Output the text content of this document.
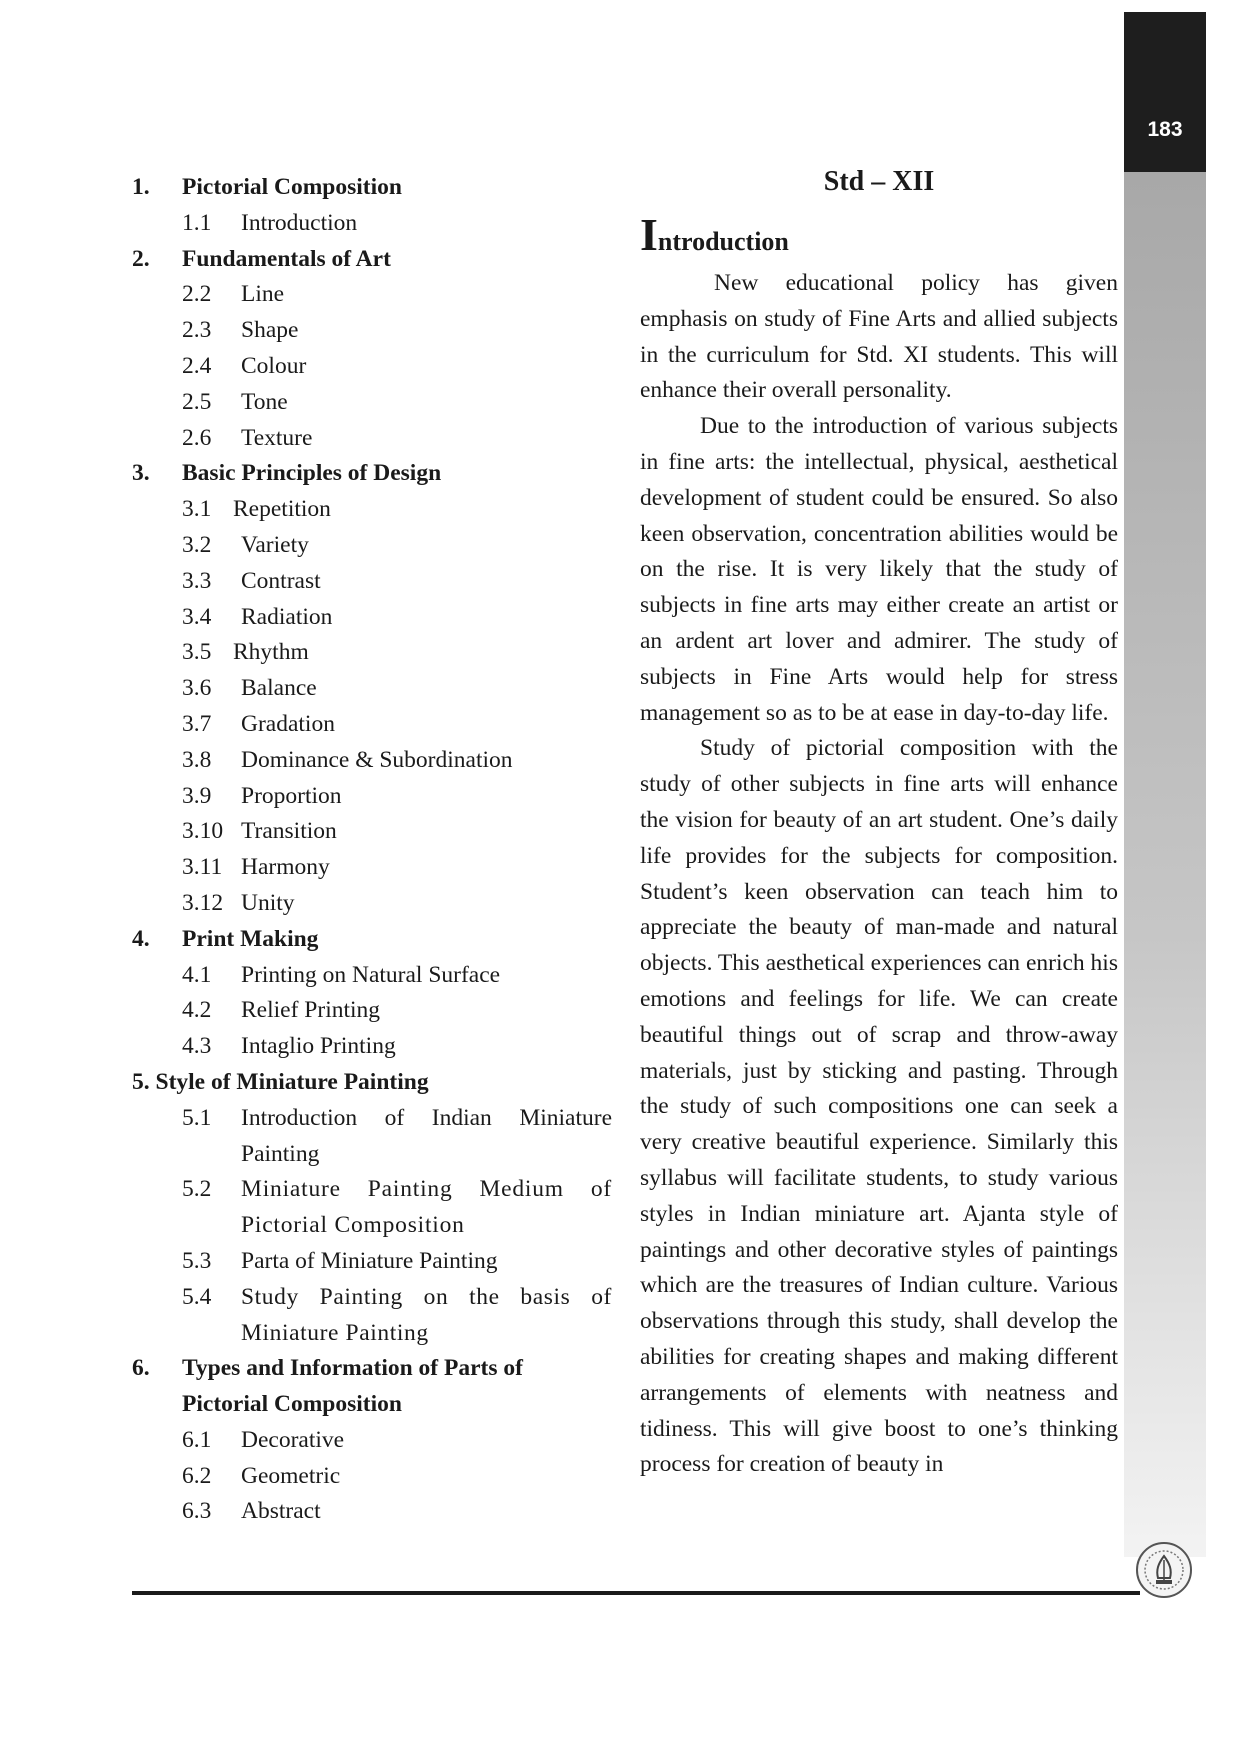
183
1. Pictorial Composition
1.1 Introduction
2. Fundamentals of Art
2.2 Line
2.3 Shape
2.4 Colour
2.5 Tone
2.6 Texture
3. Basic Principles of Design
3.1 Repetition
3.2 Variety
3.3 Contrast
3.4 Radiation
3.5 Rhythm
3.6 Balance
3.7 Gradation
3.8 Dominance & Subordination
3.9 Proportion
3.10 Transition
3.11 Harmony
3.12 Unity
4. Print Making
4.1 Printing on Natural Surface
4.2 Relief Printing
4.3 Intaglio Printing
5. Style of Miniature Painting
5.1 Introduction of Indian Miniature Painting
5.2 Miniature Painting Medium of Pictorial Composition
5.3 Parta of Miniature Painting
5.4 Study Painting on the basis of Miniature Painting
6. Types and Information of Parts of Pictorial Composition
6.1 Decorative
6.2 Geometric
6.3 Abstract
Std – XII
Introduction

New educational policy has given emphasis on study of Fine Arts and allied subjects in the curriculum for Std. XI students. This will enhance their overall personality.

Due to the introduction of various subjects in fine arts: the intellectual, physical, aesthetical development of student could be ensured. So also keen observation, concentration abilities would be on the rise. It is very likely that the study of subjects in fine arts may either create an artist or an ardent art lover and admirer. The study of subjects in Fine Arts would help for stress management so as to be at ease in day-to-day life.

Study of pictorial composition with the study of other subjects in fine arts will enhance the vision for beauty of an art student. One’s daily life provides for the subjects for composition. Student’s keen observation can teach him to appreciate the beauty of man-made and natural objects. This aesthetical experiences can enrich his emotions and feelings for life. We can create beautiful things out of scrap and throw-away materials, just by sticking and pasting. Through the study of such compositions one can seek a very creative beautiful experience. Similarly this syllabus will facilitate students, to study various styles in Indian miniature art. Ajanta style of paintings and other decorative styles of paintings which are the treasures of Indian culture. Various observations through this study, shall develop the abilities for creating shapes and making different arrangements of elements with neatness and tidiness. This will give boost to one’s thinking process for creation of beauty in
